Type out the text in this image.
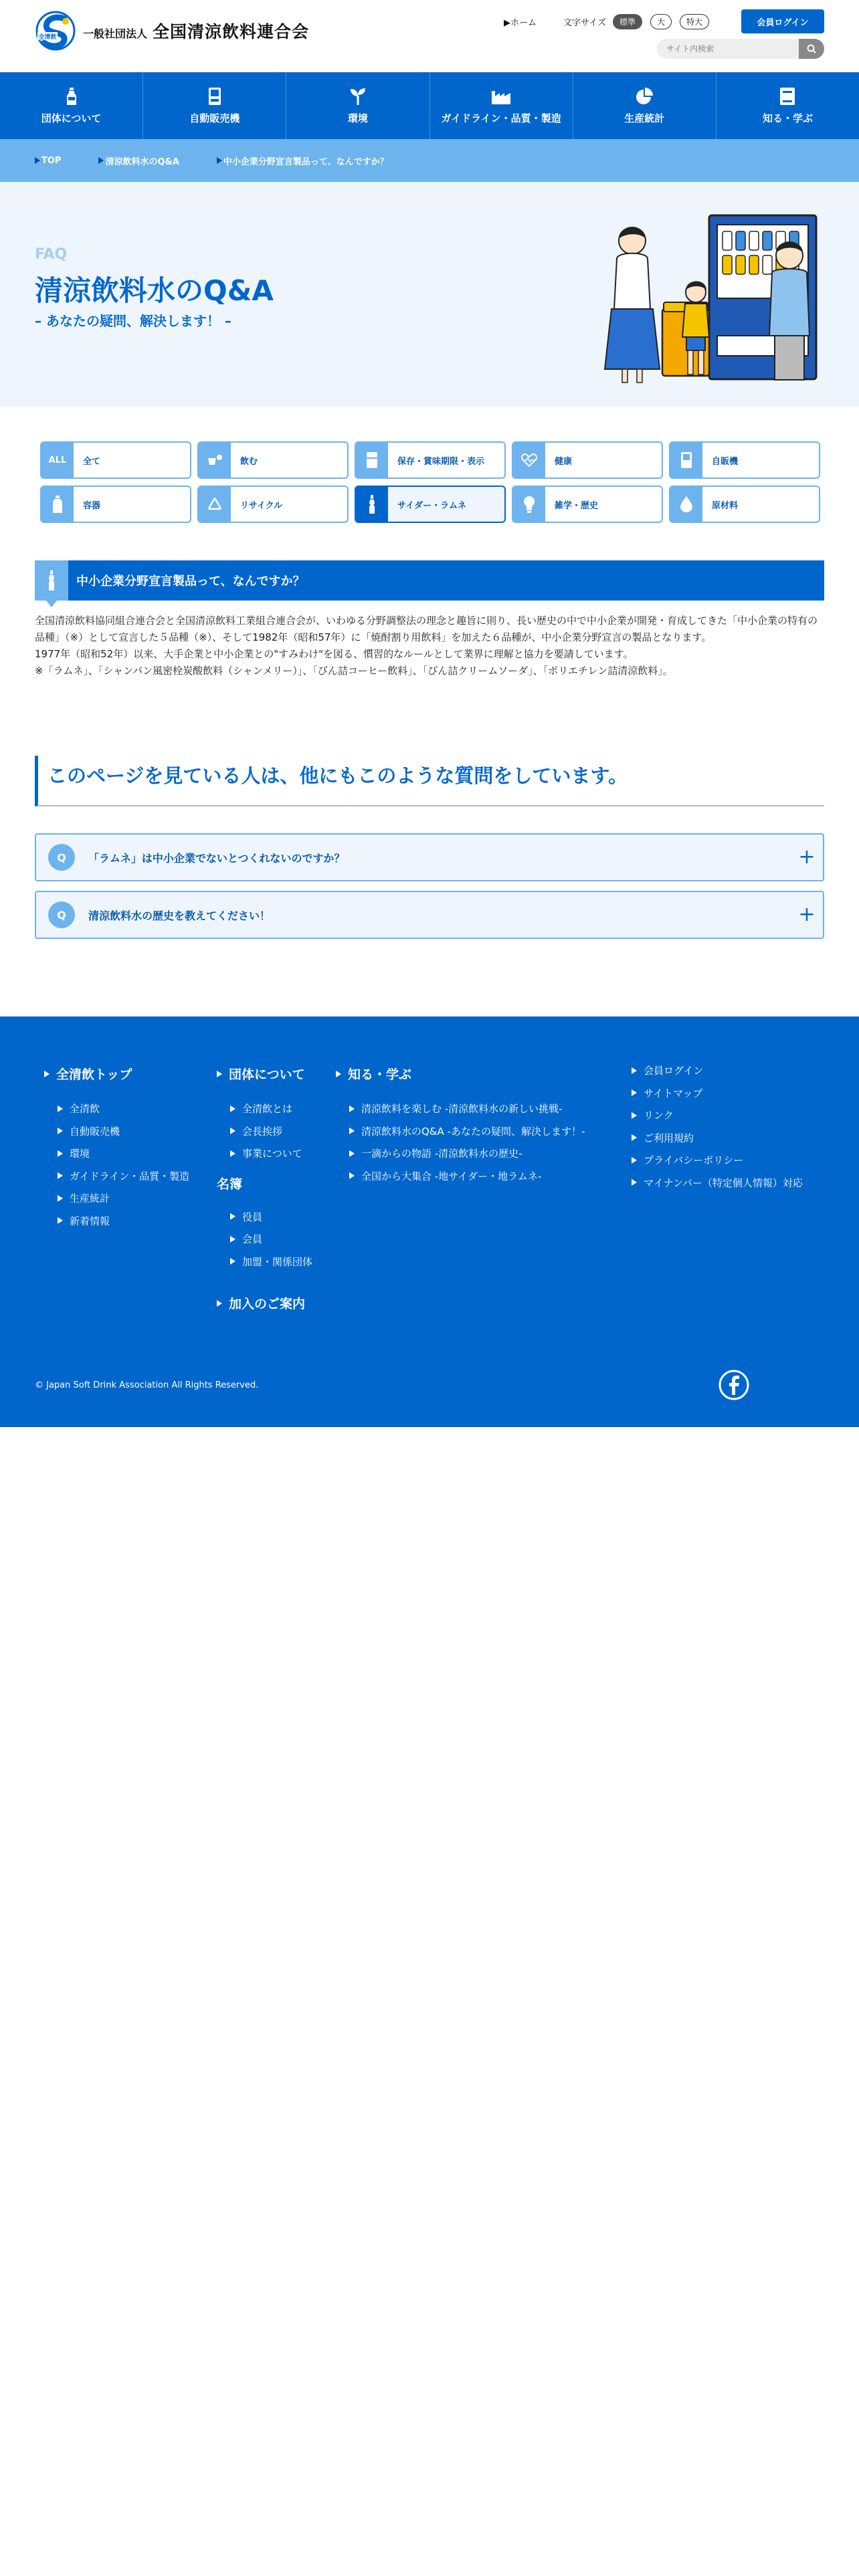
全清飲 一般社団法人 全国清涼飲料連合会	▶ホーム	文字サイズ	標準	大	特大	会員ログイン
サイト内検索
団体について	自動販売機	環境	ガイドライン・品質・製造	生産統計	知る・学ぶ
TOP	清涼飲料水のQ&A	中小企業分野宣言製品って、なんですか？
FAQ
清涼飲料水のQ&A
– あなたの疑問、解決します！ –
ALL	全て	飲む	保存・賞味期限・表示	健康	自販機
容器	リサイクル	サイダー・ラムネ	雑学・歴史	原材料
中小企業分野宣言製品って、なんですか？

全国清涼飲料協同組合連合会と全国清涼飲料工業組合連合会が、いわゆる分野調整法の理念と趣旨に則り、長い歴史の中で中小企業が開発・育成してきた「中小企業の特有の品種」（※）として宣言した５品種（※）、そして1982年（昭和57年）に「焼酎割り用飲料」を加えた６品種が、中小企業分野宣言の製品となります。

1977年（昭和52年）以来、大手企業と中小企業との"すみわけ"を図る、慣習的なルールとして業界に理解と協力を要請しています。

※「ラムネ」、「シャンパン風密栓炭酸飲料（シャンメリー）」、「びん詰コーヒー飲料」、「びん詰クリームソーダ」、「ポリエチレン詰清涼飲料」。

このページを見ている人は、他にもこのような質問をしています。
Q	「ラムネ」は中小企業でないとつくれないのですか？	+
Q	清涼飲料水の歴史を教えてください！	+
全清飲トップ
全清飲
自動販売機
環境
ガイドライン・品質・製造
生産統計
新着情報
団体について
全清飲とは
会長挨拶
事業について
名簿
役員
会員
加盟・関係団体
加入のご案内
知る・学ぶ
清涼飲料を楽しむ -清涼飲料水の新しい挑戦-
清涼飲料水のQ&A -あなたの疑問、解決します！-
一滴からの物語 -清涼飲料水の歴史-
全国から大集合 -地サイダー・地ラムネ-
会員ログイン
サイトマップ
リンク
ご利用規約
プライバシーポリシー
マイナンバー（特定個人情報）対応
© Japan Soft Drink Association All Rights Reserved.
